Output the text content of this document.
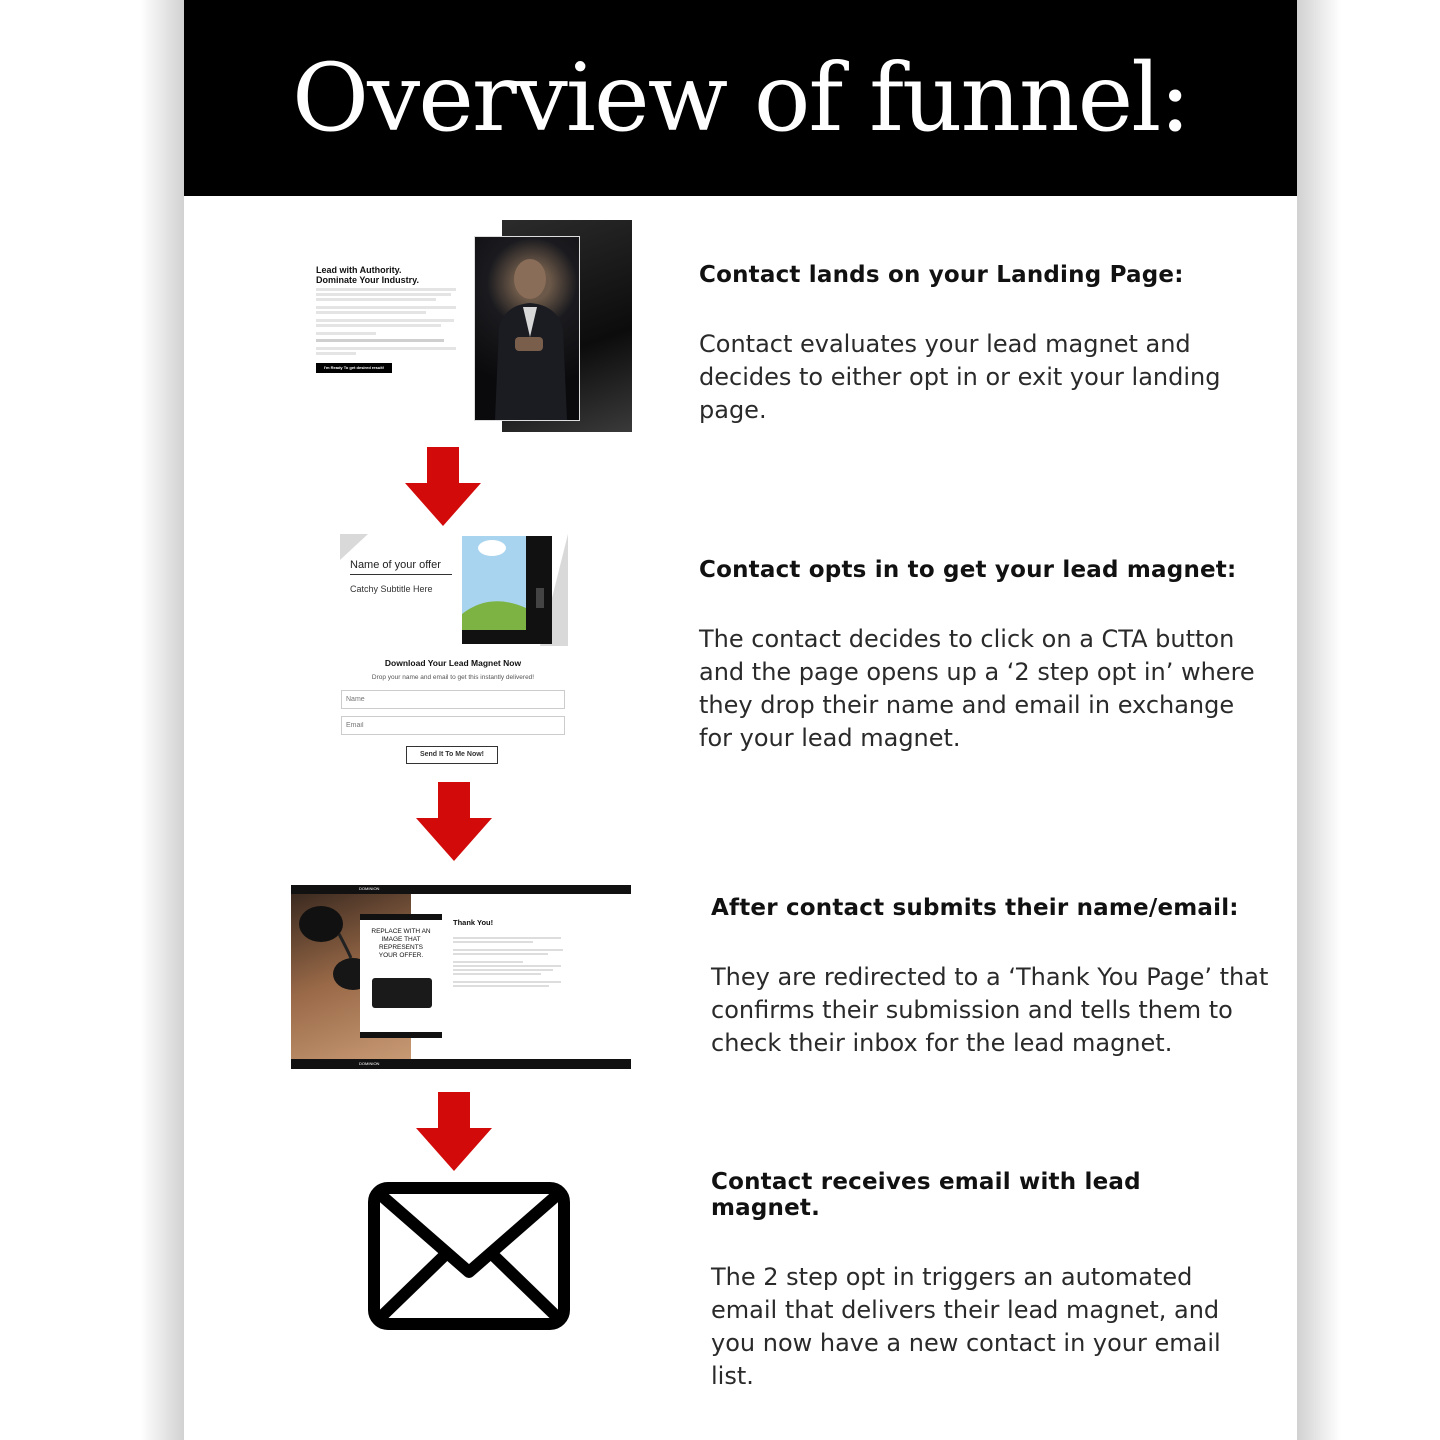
Overview of funnel:
Lead with Authority.
Dominate Your Industry.
I'm Ready To get desired result!
Name of your offer
Catchy Subtitle Here
Download Your Lead Magnet Now
Drop your name and email to get this instantly delivered!
Name
Email
Send It To Me Now!
DOMINION
REPLACE WITH AN IMAGE THAT REPRESENTS YOUR OFFER.
Thank You!
DOMINION

Contact lands on your Landing Page:

Contact evaluates your lead magnet and decides to either opt in or exit your landing page.

Contact opts in to get your lead magnet:

The contact decides to click on a CTA button and the page opens up a ‘2 step opt in’ where they drop their name and email in exchange for your lead magnet.

After contact submits their name/email:

They are redirected to a ‘Thank You Page’ that confirms their submission and tells them to check their inbox for the lead magnet.

Contact receives email with lead magnet.

The 2 step opt in triggers an automated email that delivers their lead magnet, and you now have a new contact in your email list.
